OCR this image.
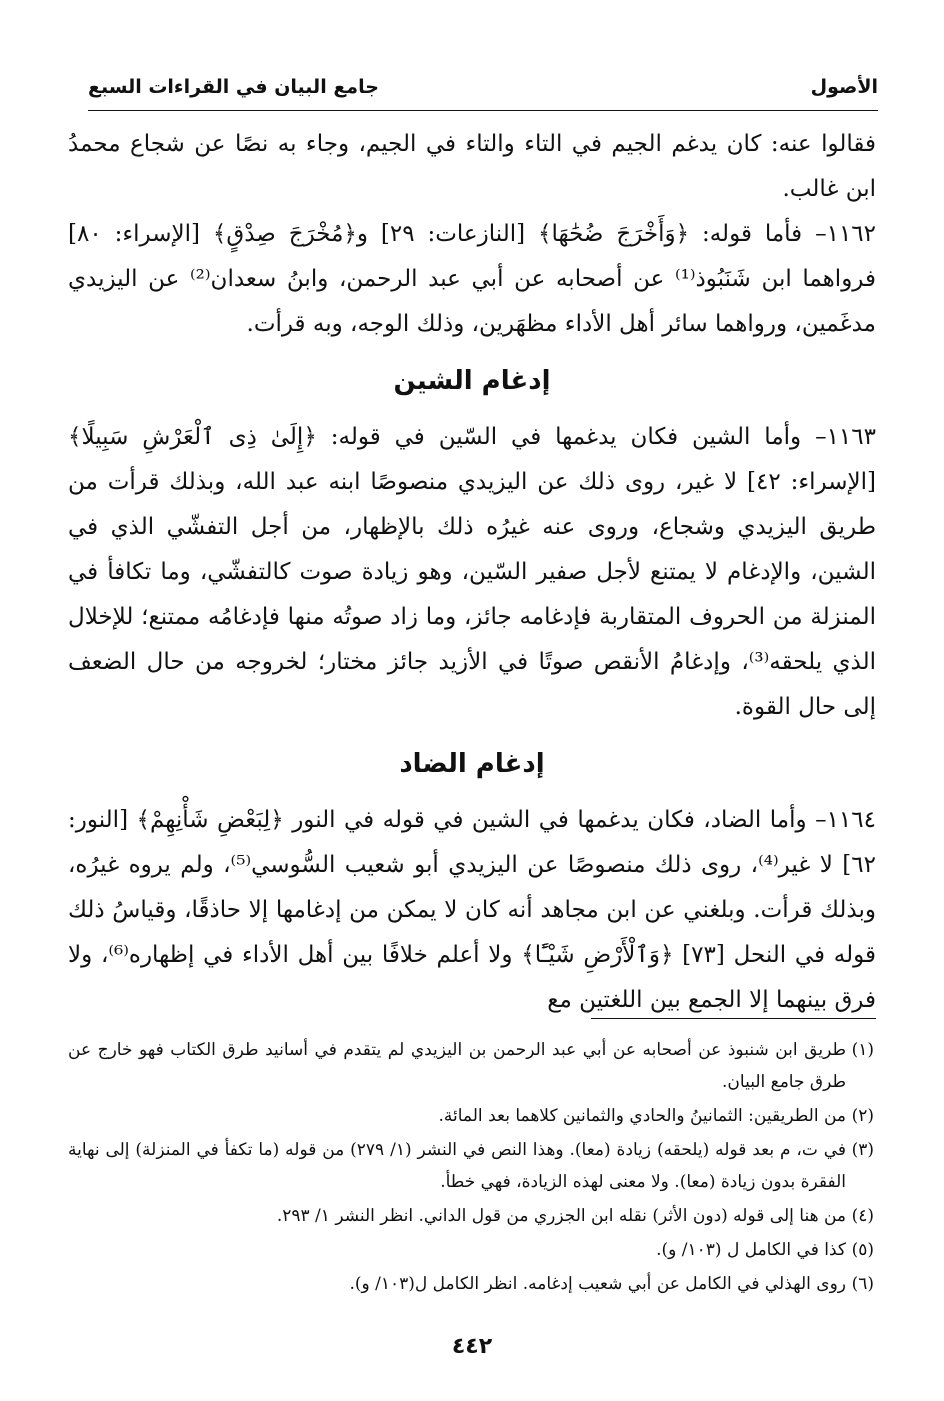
الأصول
جامع البيان في القراءات السبع

فقالوا عنه: كان يدغم الجيم في التاء والتاء في الجيم، وجاء به نصًا عن شجاع محمدُ ابن غالب.

١١٦٢– فأما قوله: ﴿وَأَخْرَجَ ضُحَٰهَا﴾ [النازعات: ٢٩] و﴿مُخْرَجَ صِدْقٍ﴾ [الإسراء: ٨٠] فرواهما ابن شَنَبُوذ⁽¹⁾ عن أصحابه عن أبي عبد الرحمن، وابنُ سعدان⁽²⁾ عن اليزيدي مدغَمين، ورواهما سائر أهل الأداء مظهَرين، وذلك الوجه، وبه قرأت.

إدغام الشين

١١٦٣– وأما الشين فكان يدغمها في السّين في قوله: ﴿إِلَىٰ ذِى ٱلْعَرْشِ سَبِيلًا﴾ [الإسراء: ٤٢] لا غير، روى ذلك عن اليزيدي منصوصًا ابنه عبد الله، وبذلك قرأت من طريق اليزيدي وشجاع، وروى عنه غيرُه ذلك بالإظهار، من أجل التفشّي الذي في الشين، والإدغام لا يمتنع لأجل صفير السّين، وهو زيادة صوت كالتفشّي، وما تكافأ في المنزلة من الحروف المتقاربة فإدغامه جائز، وما زاد صوتُه منها فإدغامُه ممتنع؛ للإخلال الذي يلحقه⁽³⁾، وإدغامُ الأنقص صوتًا في الأزيد جائز مختار؛ لخروجه من حال الضعف إلى حال القوة.

إدغام الضاد

١١٦٤– وأما الضاد، فكان يدغمها في الشين في قوله في النور ﴿لِبَعْضِ شَأْنِهِمْ﴾ [النور: ٦٢] لا غير⁽⁴⁾، روى ذلك منصوصًا عن اليزيدي أبو شعيب السُّوسي⁽⁵⁾، ولم يروه غيرُه، وبذلك قرأت. وبلغني عن ابن مجاهد أنه كان لا يمكن من إدغامها إلا حاذقًا، وقياسُ ذلك قوله في النحل [٧٣] ﴿وَٱلْأَرْضِ شَيْـًٔا﴾ ولا أعلم خلافًا بين أهل الأداء في إظهاره⁽⁶⁾، ولا فرق بينهما إلا الجمع بين اللغتين مع

(١)
طريق ابن شنبوذ عن أصحابه عن أبي عبد الرحمن بن اليزيدي لم يتقدم في أسانيد طرق الكتاب فهو خارج عن طرق جامع البيان.
(٢)
من الطريقين: الثمانينُ والحادي والثمانين كلاهما بعد المائة.
(٣)
في ت، م بعد قوله (يلحقه) زيادة (معا). وهذا النص في النشر (١/ ٢٧٩) من قوله (ما تكفأ في المنزلة) إلى نهاية الفقرة بدون زيادة (معا). ولا معنى لهذه الزيادة، فهي خطأ.
(٤)
من هنا إلى قوله (دون الأثر) نقله ابن الجزري من قول الداني. انظر النشر ١/ ٢٩٣.
(٥)
كذا في الكامل ل (١٠٣/ و).
(٦)
روى الهذلي في الكامل عن أبي شعيب إدغامه. انظر الكامل ل(١٠٣/ و).
٤٤٢
